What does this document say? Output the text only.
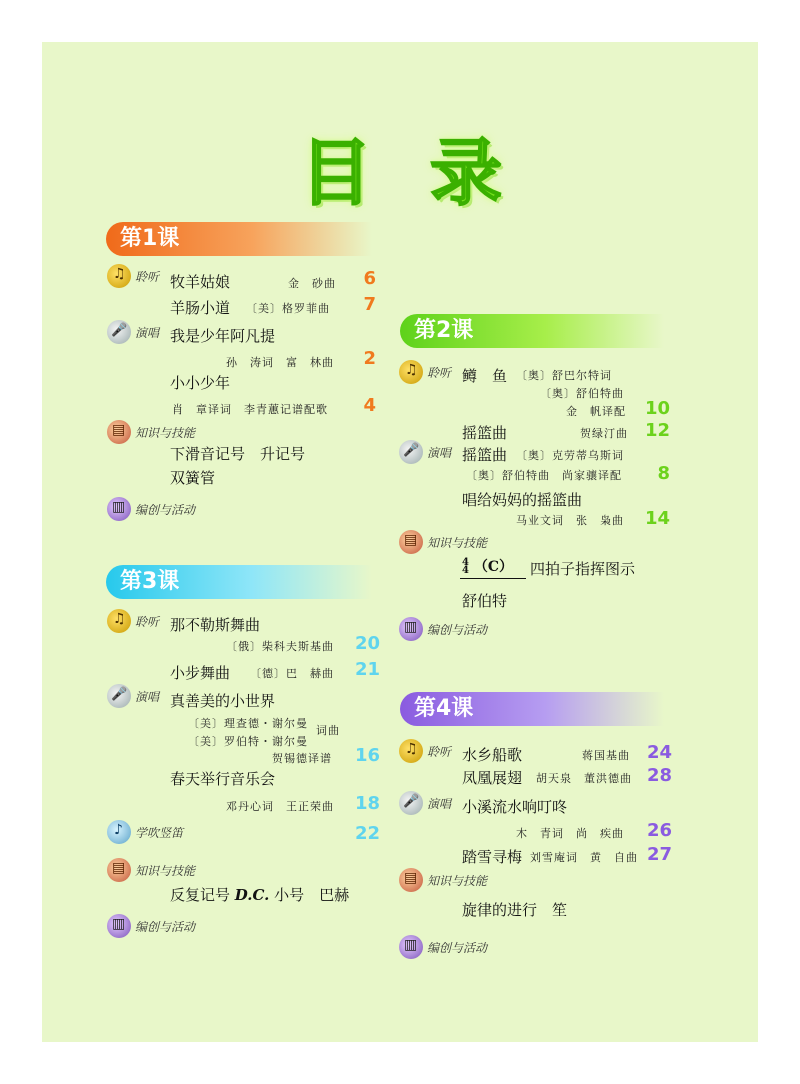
目 录
第1课
♫
聆听 牧羊姑娘	金　砂曲	6
羊肠小道 〔美〕格罗菲曲	7
🎤
演唱 我是少年阿凡提
孙　涛词　富　林曲	2
小小少年
肖　章译词　李青蕙记谱配歌	4
▤
知识与技能
下滑音记号　升记号
双簧管
▥
编创与活动
第3课
♫
聆听 那不勒斯舞曲
〔俄〕柴科夫斯基曲 20
小步舞曲 〔德〕巴　赫曲 21
🎤
演唱 真善美的小世界
〔美〕理查德・谢尔曼
〔美〕罗伯特・谢尔曼
词曲
贺锡德译谱 16
春天举行音乐会
邓丹心词　王正荣曲 18
♪
学吹竖笛	22
▤
知识与技能
反复记号 D.C. 小号　巴赫
▥
编创与活动
第2课
♫
聆听 鳟　鱼 〔奥〕舒巴尔特词
〔奥〕舒伯特曲
金　帆译配 10
摇篮曲	贺绿汀曲 12
🎤
演唱 摇篮曲 〔奥〕克劳蒂乌斯词
〔奥〕舒伯特曲　尚家骧译配	8
唱给妈妈的摇篮曲
马业文词　张　枭曲 14
▤
知识与技能
4
4 （C） 四拍子指挥图示
舒伯特
▥
编创与活动
第4课
♫
聆听 水乡船歌	蒋国基曲 24
凤凰展翅 胡天泉　董洪德曲 28
🎤
演唱 小溪流水响叮咚
木　青词　尚　疾曲 26
踏雪寻梅 刘雪庵词　黄　自曲 27
▤
知识与技能
旋律的进行　笙
▥
编创与活动
